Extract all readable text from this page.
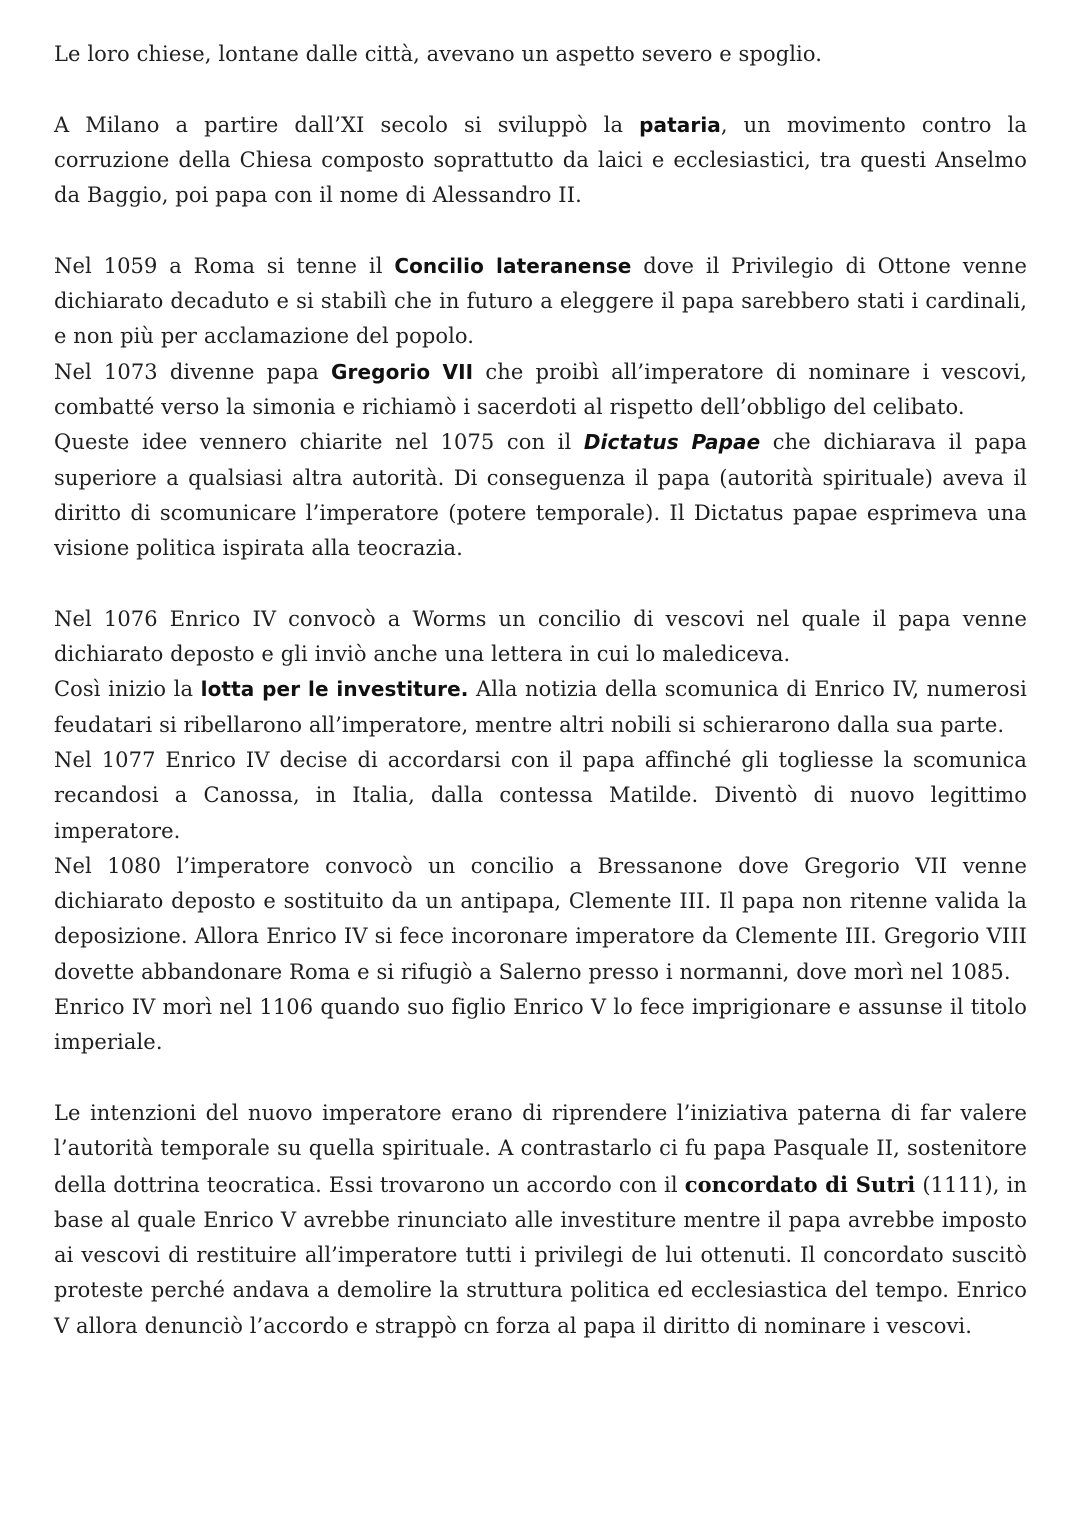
Le loro chiese, lontane dalle città, avevano un aspetto severo e spoglio.

A Milano a partire dall’XI secolo si sviluppò la pataria, un movimento contro la corruzione della Chiesa composto soprattutto da laici e ecclesiastici, tra questi Anselmo da Baggio, poi papa con il nome di Alessandro II.

Nel 1059 a Roma si tenne il Concilio lateranense dove il Privilegio di Ottone venne dichiarato decaduto e si stabilì che in futuro a eleggere il papa sarebbero stati i cardinali, e non più per acclamazione del popolo.

Nel 1073 divenne papa Gregorio VII che proibì all’imperatore di nominare i vescovi, combatté verso la simonia e richiamò i sacerdoti al rispetto dell’obbligo del celibato.

Queste idee vennero chiarite nel 1075 con il Dictatus Papae che dichiarava il papa superiore a qualsiasi altra autorità. Di conseguenza il papa (autorità spirituale) aveva il diritto di scomunicare l’imperatore (potere temporale). Il Dictatus papae esprimeva una visione politica ispirata alla teocrazia.

Nel 1076 Enrico IV convocò a Worms un concilio di vescovi nel quale il papa venne dichiarato deposto e gli inviò anche una lettera in cui lo malediceva.

Così inizio la lotta per le investiture. Alla notizia della scomunica di Enrico IV, numerosi feudatari si ribellarono all’imperatore, mentre altri nobili si schierarono dalla sua parte.

Nel 1077 Enrico IV decise di accordarsi con il papa affinché gli togliesse la scomunica recandosi a Canossa, in Italia, dalla contessa Matilde. Diventò di nuovo legittimo imperatore.

Nel 1080 l’imperatore convocò un concilio a Bressanone dove Gregorio VII venne dichiarato deposto e sostituito da un antipapa, Clemente III. Il papa non ritenne valida la deposizione. Allora Enrico IV si fece incoronare imperatore da Clemente III. Gregorio VIII dovette abbandonare Roma e si rifugiò a Salerno presso i normanni, dove morì nel 1085.

Enrico IV morì nel 1106 quando suo figlio Enrico V lo fece imprigionare e assunse il titolo imperiale.

Le intenzioni del nuovo imperatore erano di riprendere l’iniziativa paterna di far valere l’autorità temporale su quella spirituale. A contrastarlo ci fu papa Pasquale II, sostenitore della dottrina teocratica. Essi trovarono un accordo con il concordato di Sutri (1111), in base al quale Enrico V avrebbe rinunciato alle investiture mentre il papa avrebbe imposto ai vescovi di restituire all’imperatore tutti i privilegi de lui ottenuti. Il concordato suscitò proteste perché andava a demolire la struttura politica ed ecclesiastica del tempo. Enrico V allora denunciò l’accordo e strappò cn forza al papa il diritto di nominare i vescovi.
